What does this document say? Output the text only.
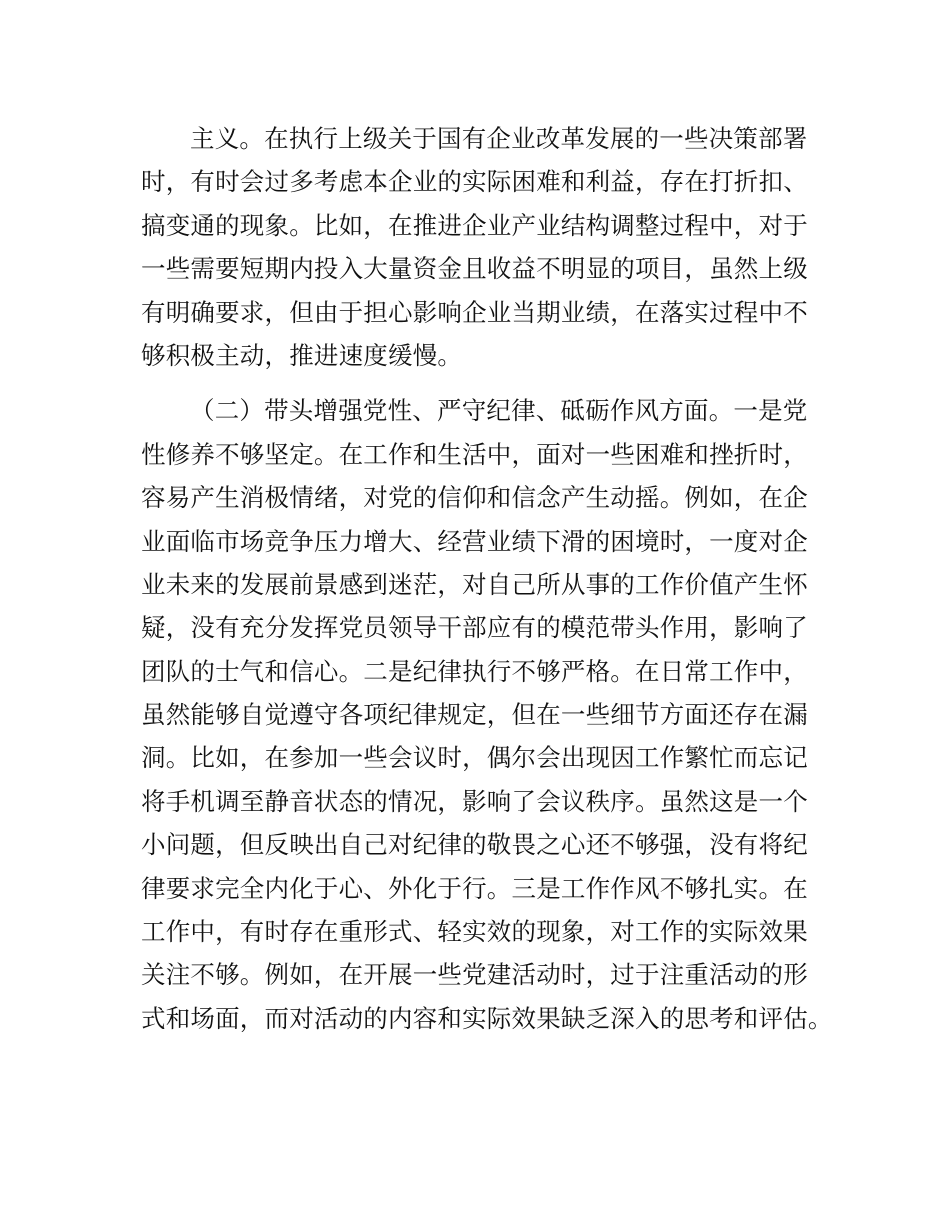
主义。在执行上级关于国有企业改革发展的一些决策部署
时，有时会过多考虑本企业的实际困难和利益，存在打折扣、
搞变通的现象。比如，在推进企业产业结构调整过程中，对于
一些需要短期内投入大量资金且收益不明显的项目，虽然上级
有明确要求，但由于担心影响企业当期业绩，在落实过程中不
够积极主动，推进速度缓慢。
（二）带头增强党性、严守纪律、砥砺作风方面。一是党
性修养不够坚定。在工作和生活中，面对一些困难和挫折时，
容易产生消极情绪，对党的信仰和信念产生动摇。例如，在企
业面临市场竞争压力增大、经营业绩下滑的困境时，一度对企
业未来的发展前景感到迷茫，对自己所从事的工作价值产生怀
疑，没有充分发挥党员领导干部应有的模范带头作用，影响了
团队的士气和信心。二是纪律执行不够严格。在日常工作中，
虽然能够自觉遵守各项纪律规定，但在一些细节方面还存在漏
洞。比如，在参加一些会议时，偶尔会出现因工作繁忙而忘记
将手机调至静音状态的情况，影响了会议秩序。虽然这是一个
小问题，但反映出自己对纪律的敬畏之心还不够强，没有将纪
律要求完全内化于心、外化于行。三是工作作风不够扎实。在
工作中，有时存在重形式、轻实效的现象，对工作的实际效果
关注不够。例如，在开展一些党建活动时，过于注重活动的形
式和场面，而对活动的内容和实际效果缺乏深入的思考和评估。
